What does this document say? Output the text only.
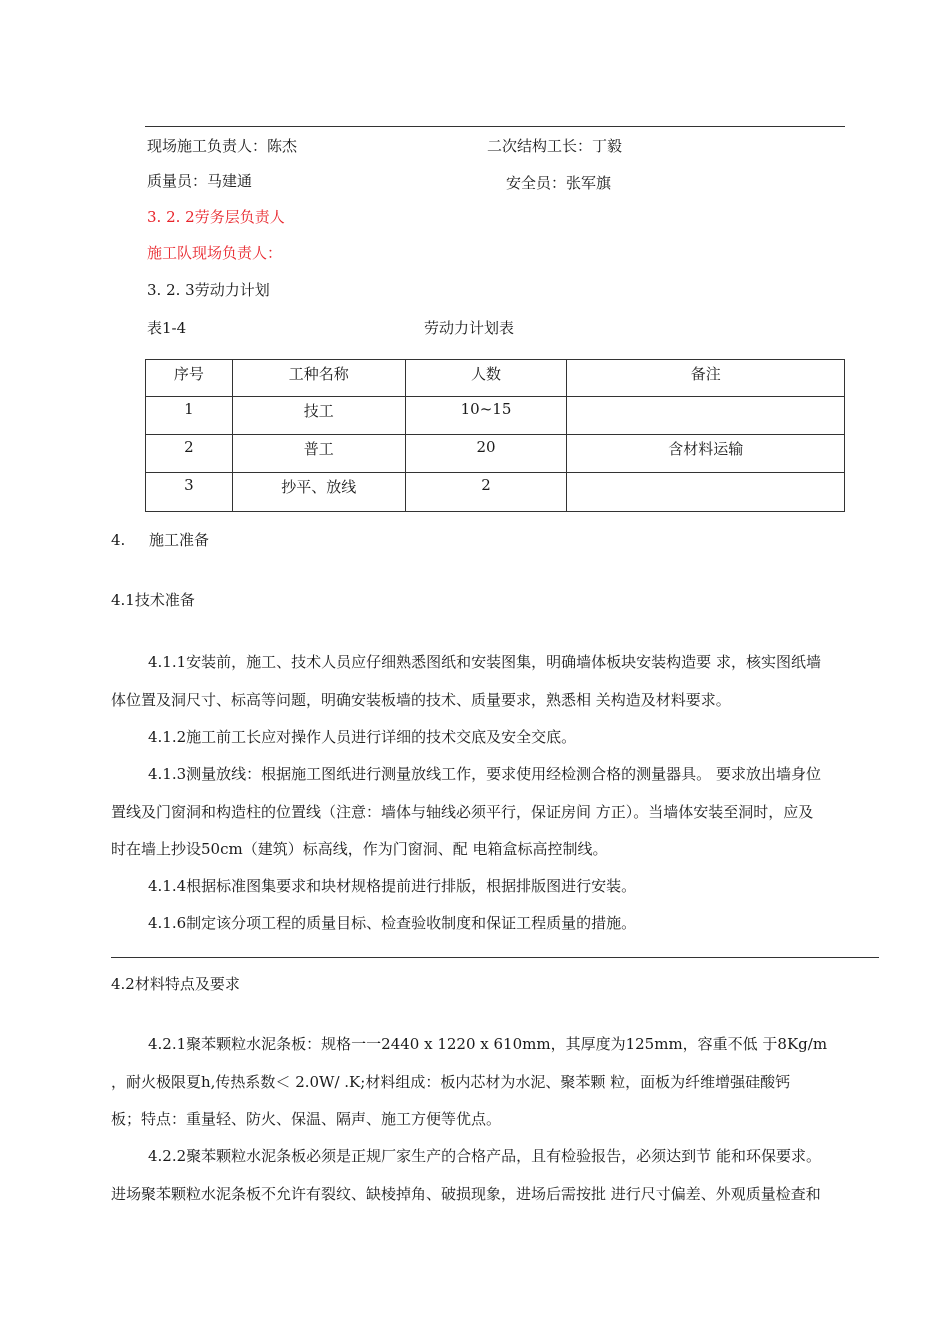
现场施工负责人：陈杰	二次结构工长：丁毅
质量员：马建通	安全员：张军旗
3. 2. 2劳务层负责人
施工队现场负责人：
3. 2. 3劳动力计划
表1-4	劳动力计划表
序号	工种名称	人数	备注
1	技工	10~15	
2	普工	20	含材料运输
3	抄平、放线	2	
4. 施工准备
4.1技术准备
4.1.1安装前，施工、技术人员应仔细熟悉图纸和安装图集，明确墙体板块安装构造要 求，核实图纸墙
体位置及洞尺寸、标高等问题，明确安装板墙的技术、质量要求，熟悉相 关构造及材料要求。
4.1.2施工前工长应对操作人员进行详细的技术交底及安全交底。
4.1.3测量放线：根据施工图纸进行测量放线工作，要求使用经检测合格的测量器具。 要求放出墙身位
置线及门窗洞和构造柱的位置线（注意：墙体与轴线必须平行，保证房间 方正）。当墙体安装至洞时，应及
时在墙上抄设50cm（建筑）标高线，作为门窗洞、配 电箱盒标高控制线。
4.1.4根据标准图集要求和块材规格提前进行排版，根据排版图进行安装。
4.1.6制定该分项工程的质量目标、检查验收制度和保证工程质量的措施。
4.2材料特点及要求
4.2.1聚苯颗粒水泥条板：规格一一2440 x 1220 x 610mm，其厚度为125mm，容重不低 于8Kg/m
，耐火极限夏h,传热系数＜ 2.0W/ .K;材料组成：板内芯材为水泥、聚苯颗 粒，面板为纤维增强硅酸钙
板；特点：重量轻、防火、保温、隔声、施工方便等优点。
4.2.2聚苯颗粒水泥条板必须是正规厂家生产的合格产品，且有检验报告，必须达到节 能和环保要求。
进场聚苯颗粒水泥条板不允许有裂纹、缺棱掉角、破损现象，进场后需按批 进行尺寸偏差、外观质量检查和
